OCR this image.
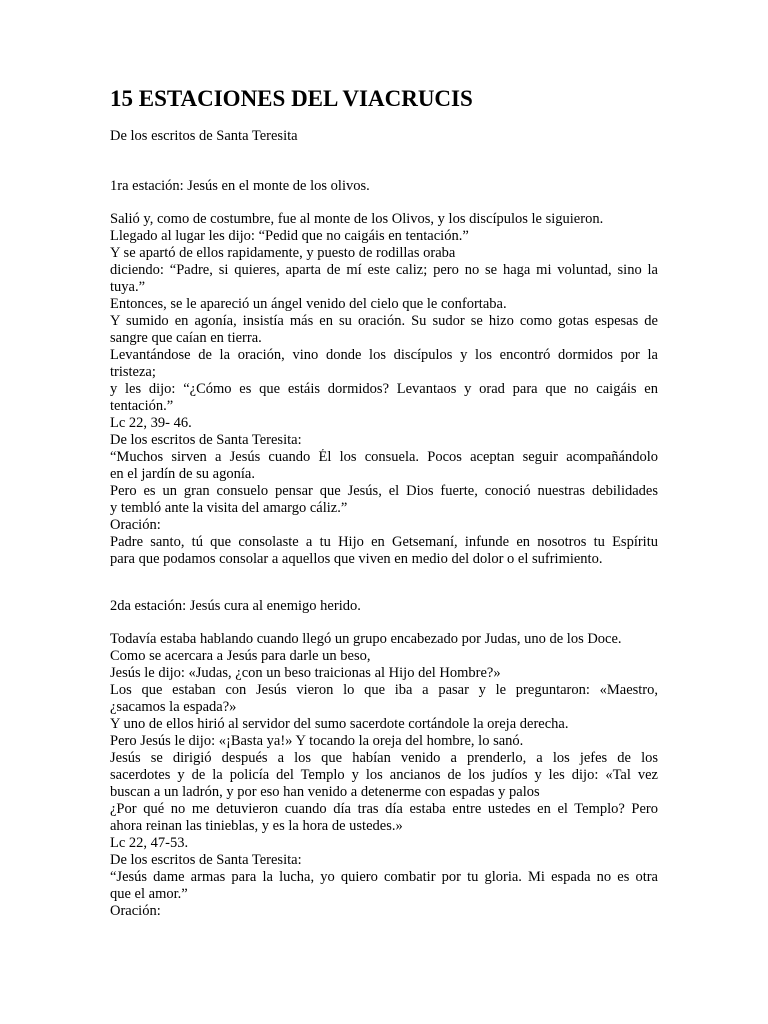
15 ESTACIONES DEL VIACRUCIS
De los escritos de Santa Teresita
1ra estación: Jesús en el monte de los olivos.
Salió y, como de costumbre, fue al monte de los Olivos, y los discípulos le siguieron.
Llegado al lugar les dijo: “Pedid que no caigáis en tentación.”
Y se apartó de ellos rapidamente, y puesto de rodillas oraba
diciendo: “Padre, si quieres, aparta de mí este caliz; pero no se haga mi voluntad, sino la
tuya.”
Entonces, se le apareció un ángel venido del cielo que le confortaba.
Y sumido en agonía, insistía más en su oración. Su sudor se hizo como gotas espesas de
sangre que caían en tierra.
Levantándose de la oración, vino donde los discípulos y los encontró dormidos por la
tristeza;
y les dijo: “¿Cómo es que estáis dormidos? Levantaos y orad para que no caigáis en
tentación.”
Lc 22, 39- 46.
De los escritos de Santa Teresita:
“Muchos sirven a Jesús cuando Él los consuela. Pocos aceptan seguir acompañándolo
en el jardín de su agonía.
Pero es un gran consuelo pensar que Jesús, el Dios fuerte, conoció nuestras debilidades
y tembló ante la visita del amargo cáliz.”
Oración:
Padre santo, tú que consolaste a tu Hijo en Getsemaní, infunde en nosotros tu Espíritu
para que podamos consolar a aquellos que viven en medio del dolor o el sufrimiento.
2da estación: Jesús cura al enemigo herido.
Todavía estaba hablando cuando llegó un grupo encabezado por Judas, uno de los Doce.
Como se acercara a Jesús para darle un beso,
Jesús le dijo: «Judas, ¿con un beso traicionas al Hijo del Hombre?»
Los que estaban con Jesús vieron lo que iba a pasar y le preguntaron: «Maestro,
¿sacamos la espada?»
Y uno de ellos hirió al servidor del sumo sacerdote cortándole la oreja derecha.
Pero Jesús le dijo: «¡Basta ya!» Y tocando la oreja del hombre, lo sanó.
Jesús se dirigió después a los que habían venido a prenderlo, a los jefes de los
sacerdotes y de la policía del Templo y los ancianos de los judíos y les dijo: «Tal vez
buscan a un ladrón, y por eso han venido a detenerme con espadas y palos
¿Por qué no me detuvieron cuando día tras día estaba entre ustedes en el Templo? Pero
ahora reinan las tinieblas, y es la hora de ustedes.»
Lc 22, 47-53.
De los escritos de Santa Teresita:
“Jesús dame armas para la lucha, yo quiero combatir por tu gloria. Mi espada no es otra
que el amor.”
Oración:
